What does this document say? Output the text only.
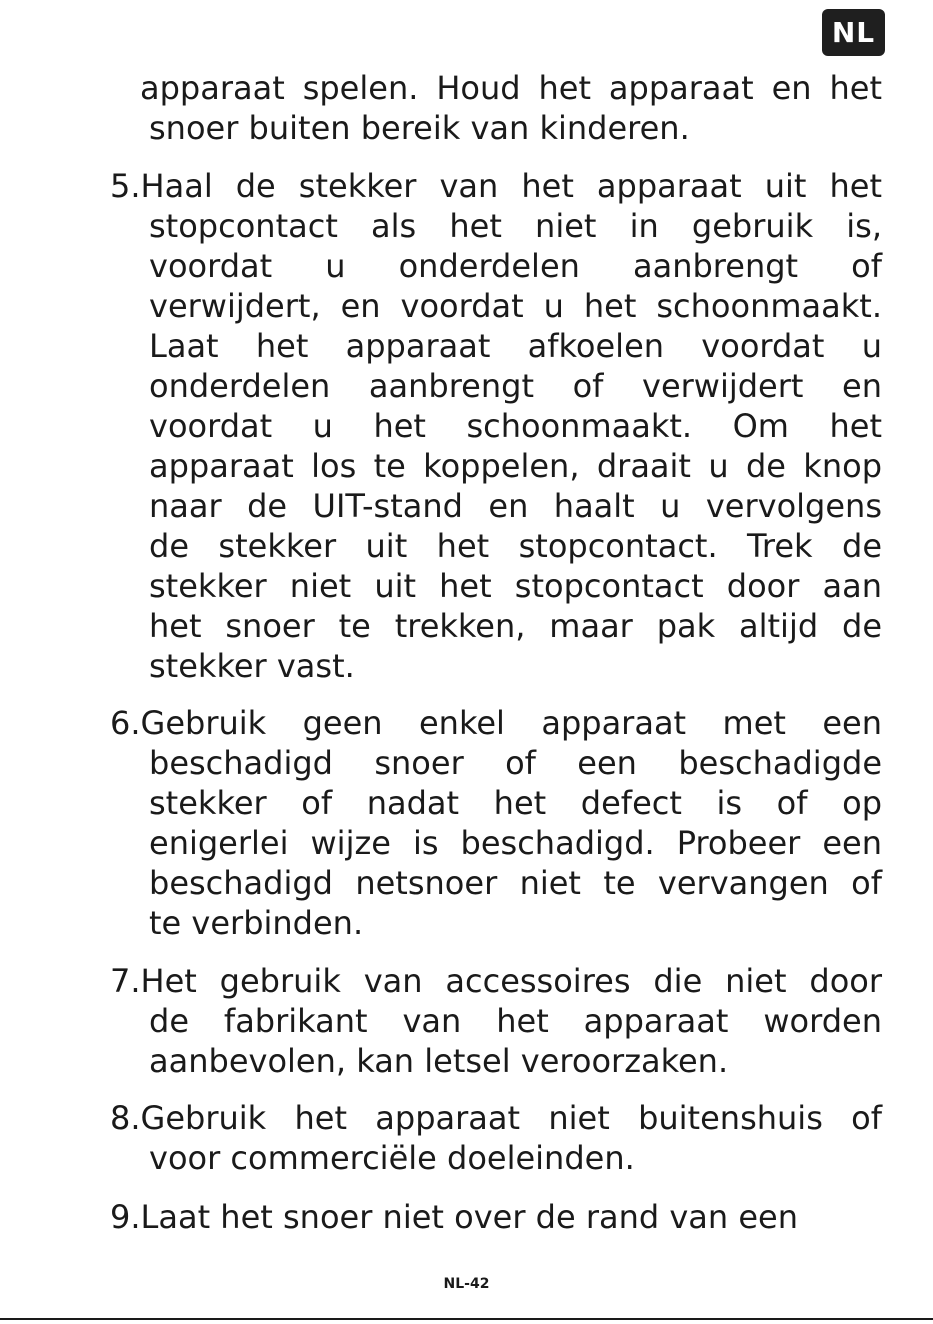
NL
apparaat spelen. Houd het apparaat en het
snoer buiten bereik van kinderen.
5.Haal de stekker van het apparaat uit het
stopcontact als het niet in gebruik is,
voordat u onderdelen aanbrengt of
verwijdert, en voordat u het schoonmaakt.
Laat het apparaat afkoelen voordat u
onderdelen aanbrengt of verwijdert en
voordat u het schoonmaakt. Om het
apparaat los te koppelen, draait u de knop
naar de UIT-stand en haalt u vervolgens
de stekker uit het stopcontact. Trek de
stekker niet uit het stopcontact door aan
het snoer te trekken, maar pak altijd de
stekker vast.
6.Gebruik geen enkel apparaat met een
beschadigd snoer of een beschadigde
stekker of nadat het defect is of op
enigerlei wijze is beschadigd. Probeer een
beschadigd netsnoer niet te vervangen of
te verbinden.
7.Het gebruik van accessoires die niet door
de fabrikant van het apparaat worden
aanbevolen, kan letsel veroorzaken.
8.Gebruik het apparaat niet buitenshuis of
voor commerciële doeleinden.
9.Laat het snoer niet over de rand van een
NL-42
